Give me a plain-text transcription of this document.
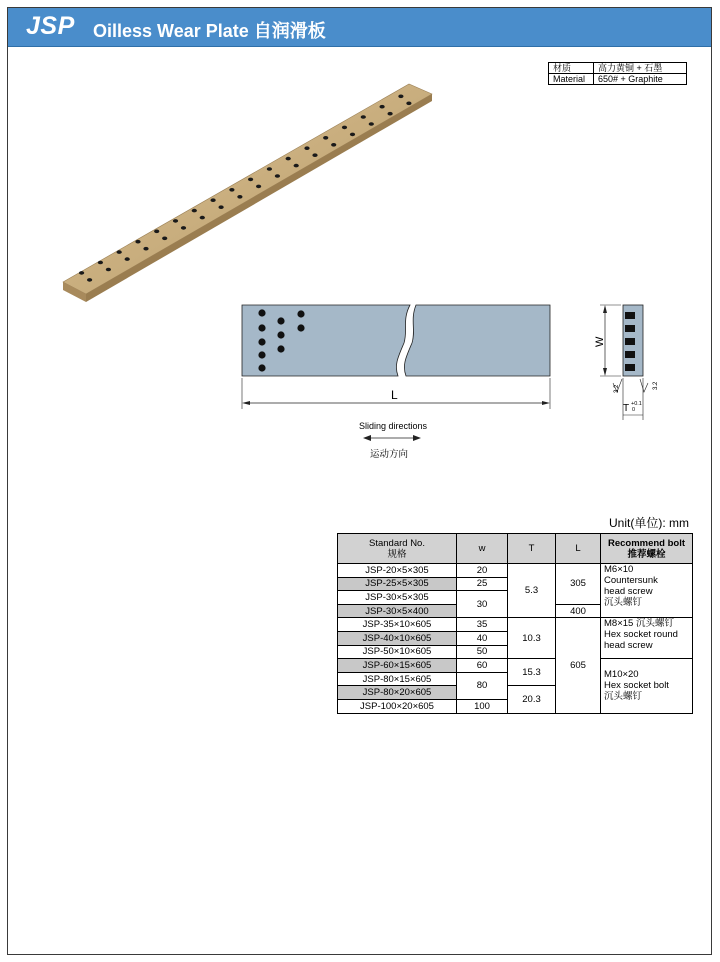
JSP Oilless Wear Plate 自润滑板
材质	高力黄铜 + 石墨
Material	650# + Graphite
L
W
T +0.1
0
3.2	3.2
Sliding directions
运动方向
Unit(单位): mm
Standard No.
规格	w	T	L	Recommend bolt
推荐螺栓
JSP-20×5×305	20	5.3	305	M6×10
Countersunk
head screw
沉头螺钉
JSP-25×5×305	25			
JSP-30×5×305	30			
JSP-30×5×400			400	
JSP-35×10×605	35	10.3	605	M8×15 沉头螺钉
Hex socket round
head screw
JSP-40×10×605	40			
JSP-50×10×605	50			
JSP-60×15×605	60	15.3		M10×20
Hex socket bolt
沉头螺钉
JSP-80×15×605	80			
JSP-80×20×605		20.3		
JSP-100×20×605	100			
